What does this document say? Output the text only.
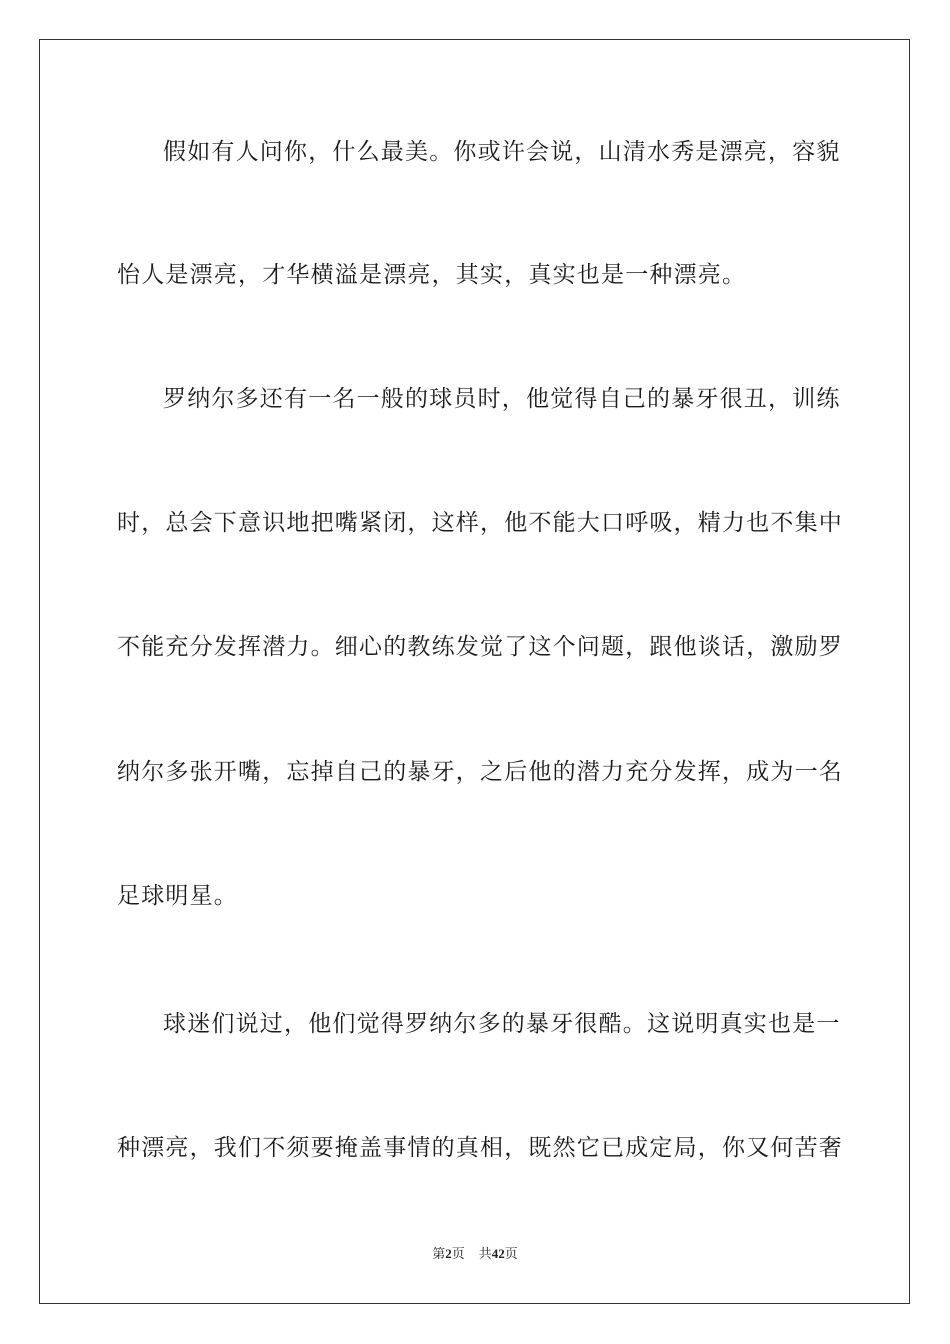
假如有人问你，什么最美。你或许会说，山清水秀是漂亮，容貌
怡人是漂亮，才华横溢是漂亮，其实，真实也是一种漂亮。
罗纳尔多还有一名一般的球员时，他觉得自己的暴牙很丑，训练
时，总会下意识地把嘴紧闭，这样，他不能大口呼吸，精力也不集中
不能充分发挥潜力。细心的教练发觉了这个问题，跟他谈话，激励罗
纳尔多张开嘴，忘掉自己的暴牙，之后他的潜力充分发挥，成为一名
足球明星。
球迷们说过，他们觉得罗纳尔多的暴牙很酷。这说明真实也是一
种漂亮，我们不须要掩盖事情的真相，既然它已成定局，你又何苦奢
第2页 共42页
